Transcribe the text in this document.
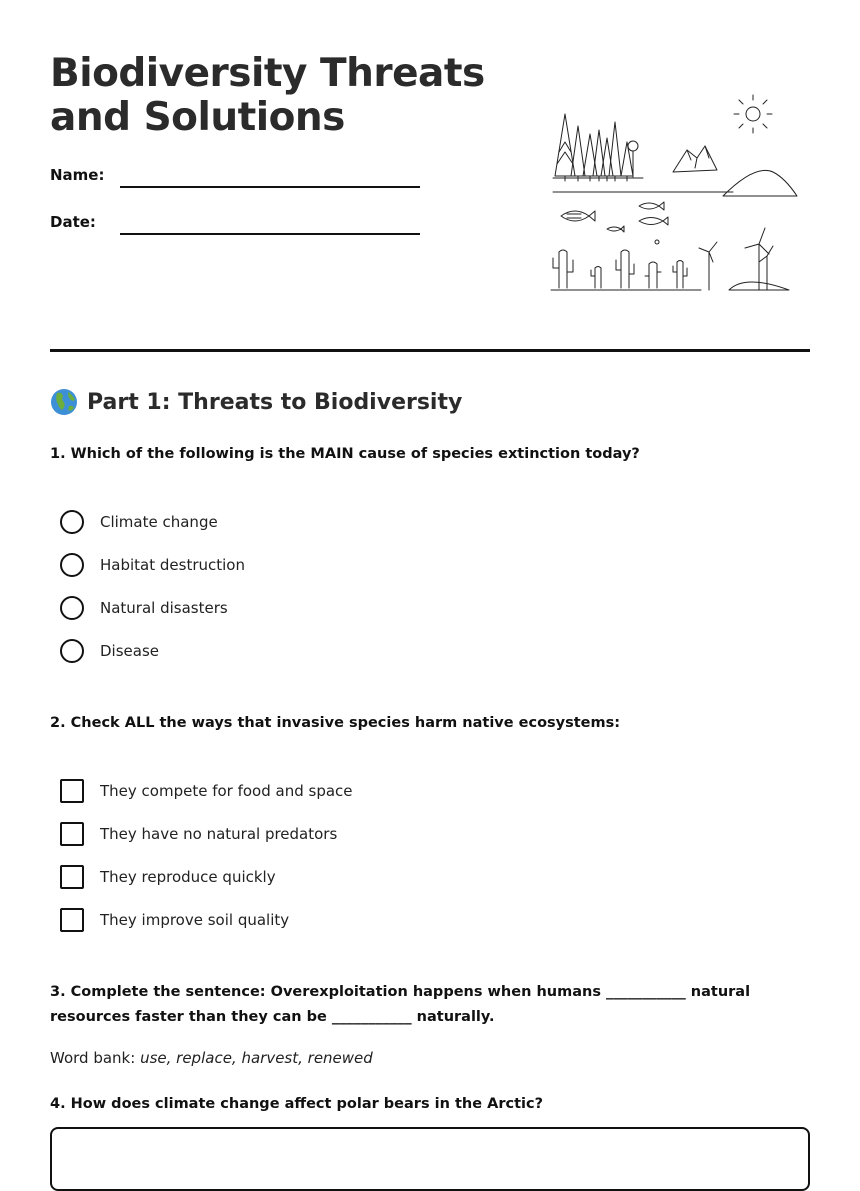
Biodiversity Threats and Solutions
Name:
Date:
Part 1: Threats to Biodiversity
1. Which of the following is the MAIN cause of species extinction today?
Climate change
Habitat destruction
Natural disasters
Disease
2. Check ALL the ways that invasive species harm native ecosystems:
They compete for food and space
They have no natural predators
They reproduce quickly
They improve soil quality
3. Complete the sentence: Overexploitation happens when humans ___________ natural resources faster than they can be ___________ naturally.
Word bank: use, replace, harvest, renewed
4. How does climate change affect polar bears in the Arctic?
